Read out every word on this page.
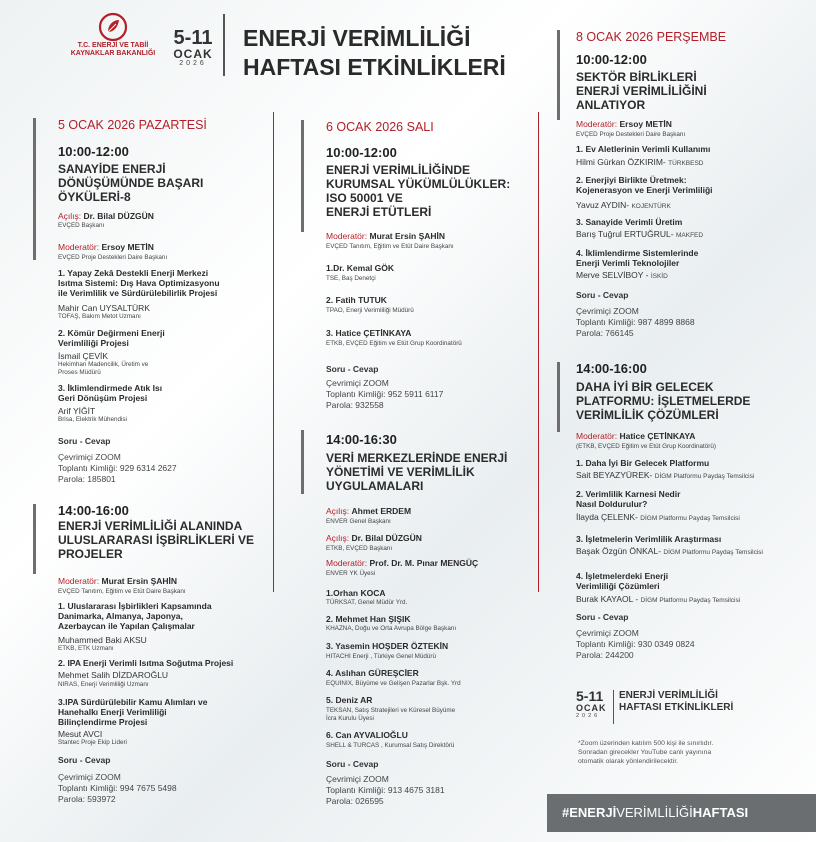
T.C. ENERJİ VE TABİİ
KAYNAKLAR BAKANLIĞI
5-11
OCAK
2026
ENERJİ VERİMLİLİĞİ
HAFTASI ETKİNLİKLERİ
5 OCAK 2026 PAZARTESİ
10:00-12:00
SANAYİDE ENERJİ
DÖNÜŞÜMÜNDE BAŞARI
ÖYKÜLERİ-8
Açılış: Dr. Bilal DÜZGÜN
EVÇED Başkanı
Moderatör: Ersoy METİN
EVÇED Proje Destekleri Daire Başkanı
1. Yapay Zekâ Destekli Enerji Merkezi
Isıtma Sistemi: Dış Hava Optimizasyonu
ile Verimlilik ve Sürdürülebilirlik Projesi
Mahir Can UYSALTÜRK
TOFAŞ, Bakım Metot Uzmanı
2. Kömür Değirmeni Enerji
Verimliliği Projesi
İsmail ÇEVİK
Hekimhan Madencilik, Üretim ve
Proses Müdürü
3. İklimlendirmede Atık Isı
Geri Dönüşüm Projesi
Arif YİĞİT
Brisa, Elektrik Mühendisi
Soru - Cevap
Çevrimiçi ZOOM
Toplantı Kimliği: 929 6314 2627
Parola: 185801
14:00-16:00
ENERJİ VERİMLİLİĞİ ALANINDA
ULUSLARARASI İŞBİRLİKLERİ VE
PROJELER
Moderatör: Murat Ersin ŞAHİN
EVÇED Tanıtım, Eğitim ve Etüt Daire Başkanı
1. Uluslararası İşbirlikleri Kapsamında
Danimarka, Almanya, Japonya,
Azerbaycan ile Yapılan Çalışmalar
Muhammed Baki AKSU
ETKB, ETK Uzmanı
2. IPA Enerji Verimli Isıtma Soğutma Projesi
Mehmet Salih DİZDAROĞLU
NIRAS, Enerji Verimliliği Uzmanı
3.IPA Sürdürülebilir Kamu Alımları ve
Hanehalkı Enerji Verimliliği
Bilinçlendirme Projesi
Mesut AVCI
Stantec Proje Ekip Lideri
Soru - Cevap
Çevrimiçi ZOOM
Toplantı Kimliği: 994 7675 5498
Parola: 593972
6 OCAK 2026 SALI
10:00-12:00
ENERJİ VERİMLİLİĞİNDE
KURUMSAL YÜKÜMLÜLÜKLER:
ISO 50001 VE
ENERJİ ETÜTLERİ
Moderatör: Murat Ersin ŞAHİN
EVÇED Tanıtım, Eğitim ve Etüt Daire Başkanı
1.Dr. Kemal GÖK
TSE, Baş Denetçi
2. Fatih TUTUK
TPAO, Enerji Verimliliği Müdürü
3. Hatice ÇETİNKAYA
ETKB, EVÇED Eğitim ve Etüt Grup Koordinatörü
Soru - Cevap
Çevrimiçi ZOOM
Toplantı Kimliği: 952 5911 6117
Parola: 932558
14:00-16:30
VERİ MERKEZLERİNDE ENERJİ
YÖNETİMİ VE VERİMLİLİK
UYGULAMALARI
Açılış: Ahmet ERDEM
ENVER Genel Başkanı
Açılış: Dr. Bilal DÜZGÜN
ETKB, EVÇED Başkanı
Moderatör: Prof. Dr. M. Pınar MENGÜÇ
ENVER YK Üyesi
1.Orhan KOCA
TÜRKSAT, Genel Müdür Yrd.
2. Mehmet Han ŞIŞIK
KHAZNA, Doğu ve Orta Avrupa Bölge Başkanı
3. Yasemin HOŞDER ÖZTEKİN
HITACHI Enerji , Türkiye Genel Müdürü
4. Aslıhan GÜREŞCİER
EQUINIX, Büyüme ve Gelişen Pazarlar Bşk. Yrd
5. Deniz AR
TEKSAN, Satış Stratejileri ve Küresel Büyüme
İcra Kurulu Üyesi
6. Can AYVALIOĞLU
SHELL & TURCAS , Kurumsal Satış Direktörü
Soru - Cevap
Çevrimiçi ZOOM
Toplantı Kimliği: 913 4675 3181
Parola: 026595
8 OCAK 2026 PERŞEMBE
10:00-12:00
SEKTÖR BİRLİKLERİ
ENERJİ VERİMLİLİĞİNİ
ANLATIYOR
Moderatör: Ersoy METİN
EVÇED Proje Destekleri Daire Başkanı
1. Ev Aletlerinin Verimli Kullanımı
Hilmi Gürkan ÖZKIRIM- TÜRKBESD
2. Enerjiyi Birlikte Üretmek:
Kojenerasyon ve Enerji Verimliliği
Yavuz AYDIN- KOJENTÜRK
3. Sanayide Verimli Üretim
Barış Tuğrul ERTUĞRUL- MAKFED
4. İklimlendirme Sistemlerinde
Enerji Verimli Teknolojiler
Merve SELVİBOY - İSKİD
Soru - Cevap
Çevrimiçi ZOOM
Toplantı Kimliği: 987 4899 8868
Parola: 766145
14:00-16:00
DAHA İYİ BİR GELECEK
PLATFORMU: İŞLETMELERDE
VERİMLİLİK ÇÖZÜMLERİ
Moderatör: Hatice ÇETİNKAYA
(ETKB, EVÇED Eğitim ve Etüt Grup Koordinatörü)
1. Daha İyi Bir Gelecek Platformu
Sait BEYAZYÜREK- DİGM Platformu Paydaş Temsilcisi
2. Verimlilik Karnesi Nedir
Nasıl Doldurulur?
İlayda ÇELENK- DİGM Platformu Paydaş Temsilcisi
3. İşletmelerin Verimlilik Araştırması
Başak Özgün ÖNKAL- DİGM Platformu Paydaş Temsilcisi
4. İşletmelerdeki Enerji
Verimliliği Çözümleri
Burak KAYAOL - DİGM Platformu Paydaş Temsilcisi
Soru - Cevap
Çevrimiçi ZOOM
Toplantı Kimliği: 930 0349 0824
Parola: 244200
5-11
OCAK
2026
ENERJİ VERİMLİLİĞİ
HAFTASI ETKİNLİKLERİ
*Zoom üzerinden katılım 500 kişi ile sınırlıdır.
Sonradan girecekler YouTube canlı yayınına
otomatik olarak yönlendirilecektir.
#ENERJİVERİMLİLİĞİHAFTASI
